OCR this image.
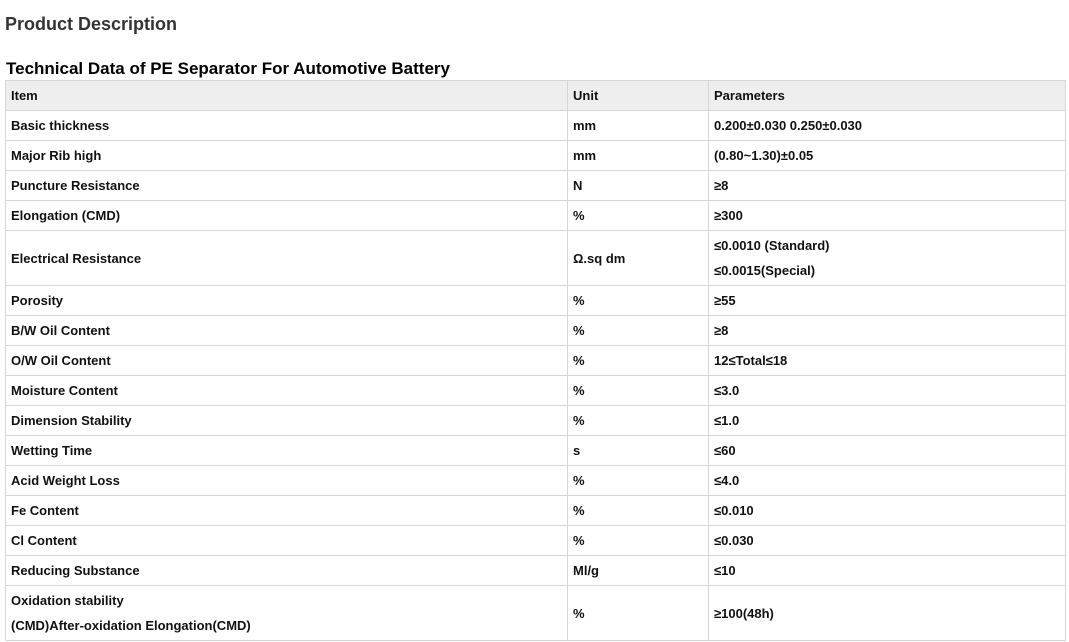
Product Description
Technical Data of PE Separator For Automotive Battery
Item	Unit	Parameters

Basic thickness	mm	0.200±0.030 0.250±0.030

Major Rib high	mm	(0.80~1.30)±0.05

Puncture Resistance	N	≥8

Elongation (CMD)	%	≥300

Electrical Resistance	Ω.sq dm	≤0.0010 (Standard)
≤0.0015(Special)

Porosity	%	≥55

B/W Oil Content	%	≥8

O/W Oil Content	%	12≤Total≤18

Moisture Content	%	≤3.0

Dimension Stability	%	≤1.0

Wetting Time	s	≤60

Acid Weight Loss	%	≤4.0

Fe Content	%	≤0.010

Cl Content	%	≤0.030

Reducing Substance	Ml/g	≤10

Oxidation stability
(CMD)After-oxidation Elongation(CMD)	%	≥100(48h)
